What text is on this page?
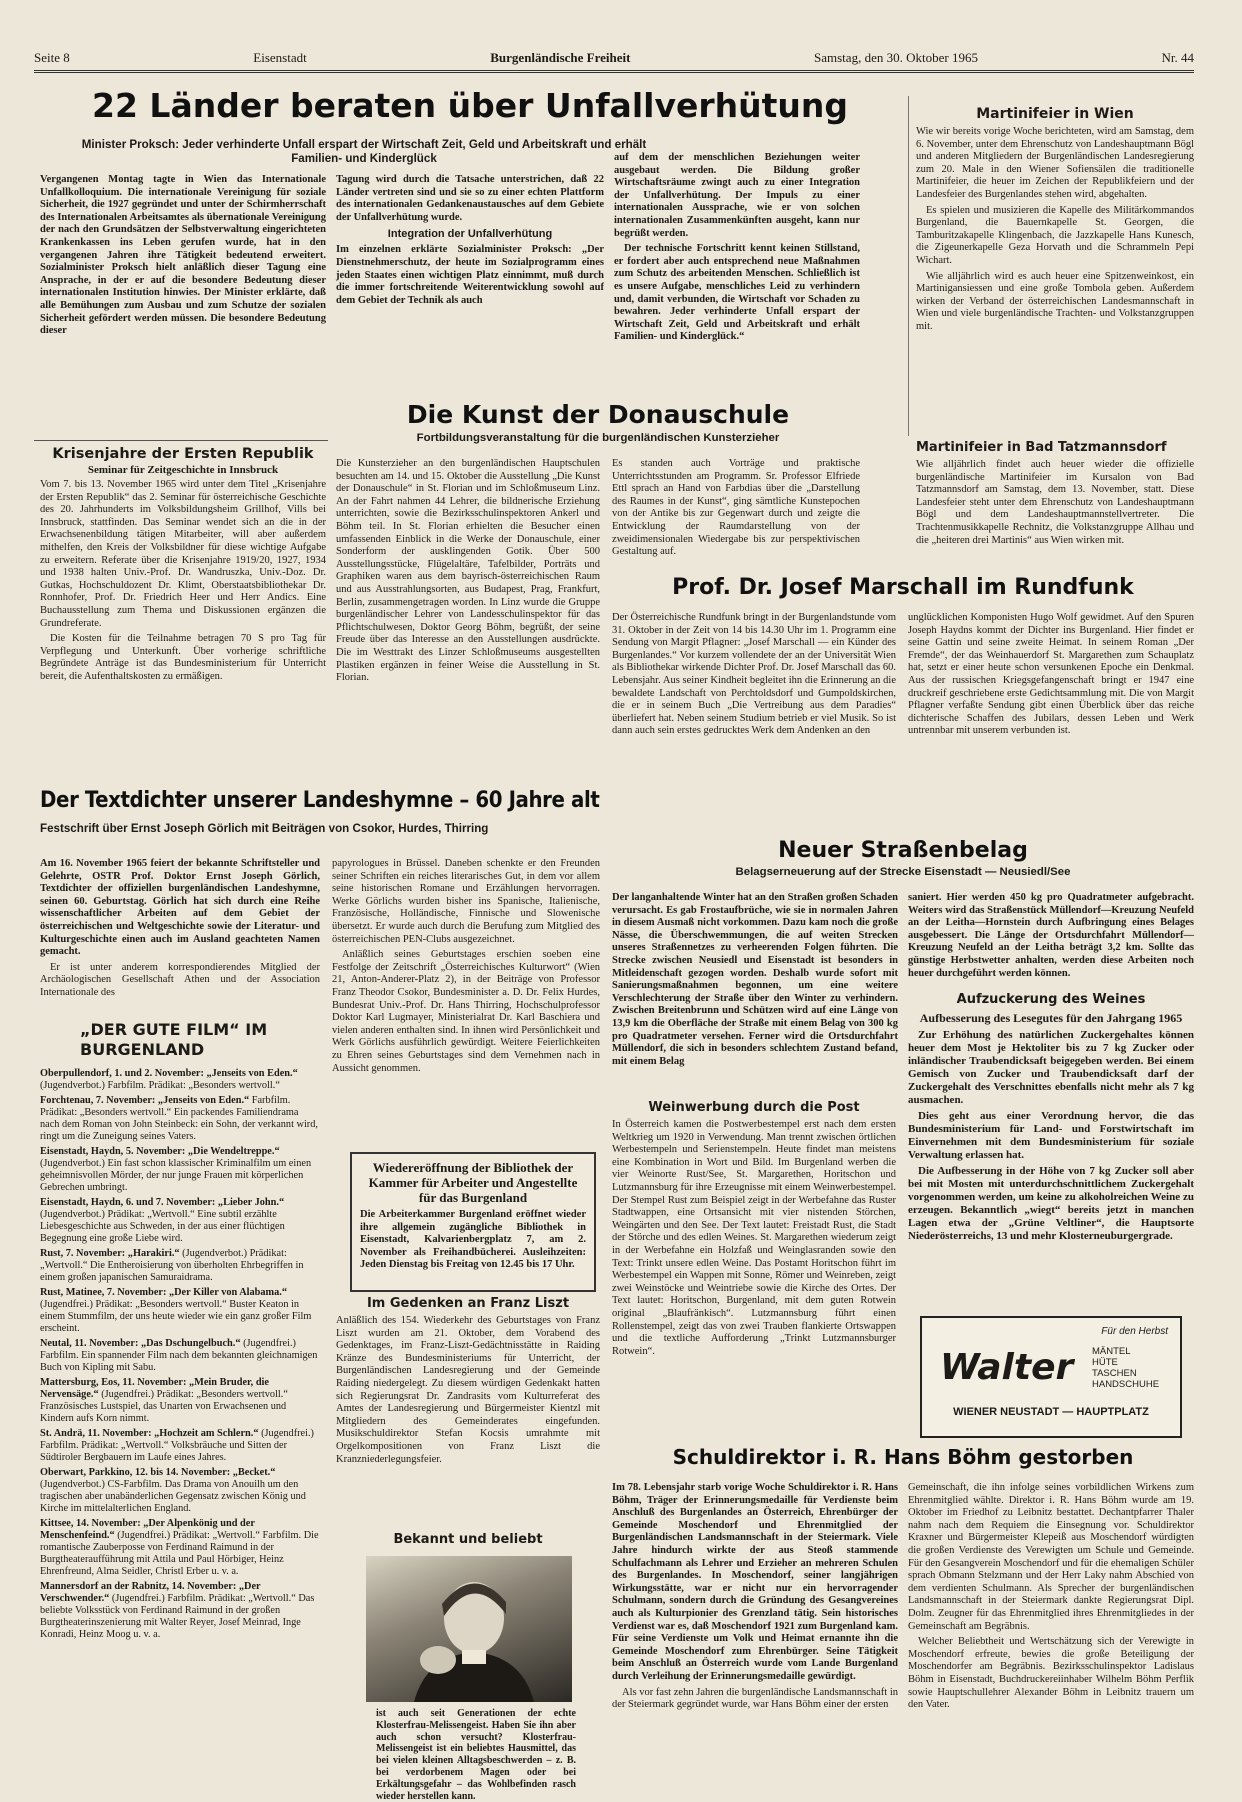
Seite 8	Eisenstadt	Burgenländische Freiheit	Samstag, den 30. Oktober 1965	Nr. 44
22 Länder beraten über Unfallverhütung
Minister Proksch: Jeder verhinderte Unfall erspart der Wirtschaft Zeit, Geld und Arbeitskraft und erhält Familien- und Kinderglück

Vergangenen Montag tagte in Wien das Internationale Unfallkolloquium. Die internationale Vereinigung für soziale Sicherheit, die 1927 gegründet und unter der Schirmherrschaft des Internationalen Arbeitsamtes als übernationale Vereinigung der nach den Grundsätzen der Selbstverwaltung eingerichteten Krankenkassen ins Leben gerufen wurde, hat in den vergangenen Jahren ihre Tätigkeit bedeutend erweitert. Sozialminister Proksch hielt anläßlich dieser Tagung eine Ansprache, in der er auf die besondere Bedeutung dieser internationalen Institution hinwies. Der Minister erklärte, daß alle Bemühungen zum Ausbau und zum Schutze der sozialen Sicherheit gefördert werden müssen. Die besondere Bedeutung dieser

Tagung wird durch die Tatsache unterstrichen, daß 22 Länder vertreten sind und sie so zu einer echten Plattform des internationalen Gedankenaustausches auf dem Gebiete der Unfallverhütung wurde.

Integration der Unfallverhütung

Im einzelnen erklärte Sozialminister Proksch: „Der Dienstnehmerschutz, der heute im Sozialprogramm eines jeden Staates einen wichtigen Platz einnimmt, muß durch die immer fortschreitende Weiterentwicklung sowohl auf dem Gebiet der Technik als auch

auf dem der menschlichen Beziehungen weiter ausgebaut werden. Die Bildung großer Wirtschaftsräume zwingt auch zu einer Integration der Unfallverhütung. Der Impuls zu einer internationalen Aussprache, wie er von solchen internationalen Zusammenkünften ausgeht, kann nur begrüßt werden.

Der technische Fortschritt kennt keinen Stillstand, er fordert aber auch entsprechend neue Maßnahmen zum Schutz des arbeitenden Menschen. Schließlich ist es unsere Aufgabe, menschliches Leid zu verhindern und, damit verbunden, die Wirtschaft vor Schaden zu bewahren. Jeder verhinderte Unfall erspart der Wirtschaft Zeit, Geld und Arbeitskraft und erhält Familien- und Kinderglück.“

Martinifeier in Wien

Wie wir bereits vorige Woche berichteten, wird am Samstag, dem 6. November, unter dem Ehrenschutz von Landeshauptmann Bögl und anderen Mitgliedern der Burgenländischen Landesregierung zum 20. Male in den Wiener Sofiensälen die traditionelle Martinifeier, die heuer im Zeichen der Republikfeiern und der Landesfeier des Burgenlandes stehen wird, abgehalten.

Es spielen und musizieren die Kapelle des Militärkommandos Burgenland, die Bauernkapelle St. Georgen, die Tamburitzakapelle Klingenbach, die Jazzkapelle Hans Kunesch, die Zigeunerkapelle Geza Horvath und die Schrammeln Pepi Wichart.

Wie alljährlich wird es auch heuer eine Spitzenweinkost, ein Martinigansiessen und eine große Tombola geben. Außerdem wirken der Verband der österreichischen Landesmannschaft in Wien und viele burgenländische Trachten- und Volkstanzgruppen mit.

Krisenjahre der Ersten Republik
Seminar für Zeitgeschichte in Innsbruck

Vom 7. bis 13. November 1965 wird unter dem Titel „Krisenjahre der Ersten Republik“ das 2. Seminar für österreichische Geschichte des 20. Jahrhunderts im Volksbildungsheim Grillhof, Vills bei Innsbruck, stattfinden. Das Seminar wendet sich an die in der Erwachsenenbildung tätigen Mitarbeiter, will aber außerdem mithelfen, den Kreis der Volksbildner für diese wichtige Aufgabe zu erweitern. Referate über die Krisenjahre 1919/20, 1927, 1934 und 1938 halten Univ.-Prof. Dr. Wandruszka, Univ.-Doz. Dr. Gutkas, Hochschuldozent Dr. Klimt, Oberstaatsbibliothekar Dr. Ronnhofer, Prof. Dr. Friedrich Heer und Herr Andics. Eine Buchausstellung zum Thema und Diskussionen ergänzen die Grundreferate.

Die Kosten für die Teilnahme betragen 70 S pro Tag für Verpflegung und Unterkunft. Über vorherige schriftliche Begründete Anträge ist das Bundesministerium für Unterricht bereit, die Aufenthaltskosten zu ermäßigen.

Die Kunst der Donauschule
Fortbildungsveranstaltung für die burgenländischen Kunsterzieher

Die Kunsterzieher an den burgenländischen Hauptschulen besuchten am 14. und 15. Oktober die Ausstellung „Die Kunst der Donauschule“ in St. Florian und im Schloßmuseum Linz. An der Fahrt nahmen 44 Lehrer, die bildnerische Erziehung unterrichten, sowie die Bezirksschulinspektoren Ankerl und Böhm teil. In St. Florian erhielten die Besucher einen umfassenden Einblick in die Werke der Donauschule, einer Sonderform der ausklingenden Gotik. Über 500 Ausstellungsstücke, Flügelaltäre, Tafelbilder, Porträts und Graphiken waren aus dem bayrisch-österreichischen Raum und aus Ausstrahlungsorten, aus Budapest, Prag, Frankfurt, Berlin, zusammengetragen worden. In Linz wurde die Gruppe burgenländischer Lehrer von Landesschulinspektor für das Pflichtschulwesen, Doktor Georg Böhm, begrüßt, der seine Freude über das Interesse an den Ausstellungen ausdrückte. Die im Westtrakt des Linzer Schloßmuseums ausgestellten Plastiken ergänzen in feiner Weise die Ausstellung in St. Florian.

Es standen auch Vorträge und praktische Unterrichtsstunden am Programm. Sr. Professor Elfriede Ettl sprach an Hand von Farbdias über die „Darstellung des Raumes in der Kunst“, ging sämtliche Kunstepochen von der Antike bis zur Gegenwart durch und zeigte die Entwicklung der Raumdarstellung von der zweidimensionalen Wiedergabe bis zur perspektivischen Gestaltung auf.

Martinifeier in Bad Tatzmannsdorf

Wie alljährlich findet auch heuer wieder die offizielle burgenländische Martinifeier im Kursalon von Bad Tatzmannsdorf am Samstag, dem 13. November, statt. Diese Landesfeier steht unter dem Ehrenschutz von Landeshauptmann Bögl und dem Landeshauptmannstellvertreter. Die Trachtenmusikkapelle Rechnitz, die Volkstanzgruppe Allhau und die „heiteren drei Martinis“ aus Wien wirken mit.

Prof. Dr. Josef Marschall im Rundfunk

Der Österreichische Rundfunk bringt in der Burgenlandstunde vom 31. Oktober in der Zeit von 14 bis 14.30 Uhr im 1. Programm eine Sendung von Margit Pflagner: „Josef Marschall — ein Künder des Burgenlandes.“ Vor kurzem vollendete der an der Universität Wien als Bibliothekar wirkende Dichter Prof. Dr. Josef Marschall das 60. Lebensjahr. Aus seiner Kindheit begleitet ihn die Erinnerung an die bewaldete Landschaft von Perchtoldsdorf und Gumpoldskirchen, die er in seinem Buch „Die Vertreibung aus dem Paradies“ überliefert hat. Neben seinem Studium betrieb er viel Musik. So ist dann auch sein erstes gedrucktes Werk dem Andenken an den

unglücklichen Komponisten Hugo Wolf gewidmet. Auf den Spuren Joseph Haydns kommt der Dichter ins Burgenland. Hier findet er seine Gattin und seine zweite Heimat. In seinem Roman „Der Fremde“, der das Weinhauerdorf St. Margarethen zum Schauplatz hat, setzt er einer heute schon versunkenen Epoche ein Denkmal. Aus der russischen Kriegsgefangenschaft bringt er 1947 eine druckreif geschriebene erste Gedichtsammlung mit. Die von Margit Pflagner verfaßte Sendung gibt einen Überblick über das reiche dichterische Schaffen des Jubilars, dessen Leben und Werk untrennbar mit unserem verbunden ist.

Der Textdichter unserer Landeshymne – 60 Jahre alt
Festschrift über Ernst Joseph Görlich mit Beiträgen von Csokor, Hurdes, Thirring

Am 16. November 1965 feiert der bekannte Schriftsteller und Gelehrte, OSTR Prof. Doktor Ernst Joseph Görlich, Textdichter der offiziellen burgenländischen Landeshymne, seinen 60. Geburtstag. Görlich hat sich durch eine Reihe wissenschaftlicher Arbeiten auf dem Gebiet der österreichischen und Weltgeschichte sowie der Literatur- und Kulturgeschichte einen auch im Ausland geachteten Namen gemacht.

Er ist unter anderem korrespondierendes Mitglied der Archäologischen Gesellschaft Athen und der Association Internationale des

papyrologues in Brüssel. Daneben schenkte er den Freunden seiner Schriften ein reiches literarisches Gut, in dem vor allem seine historischen Romane und Erzählungen hervorragen. Werke Görlichs wurden bisher ins Spanische, Italienische, Französische, Holländische, Finnische und Slowenische übersetzt. Er wurde auch durch die Berufung zum Mitglied des österreichischen PEN-Clubs ausgezeichnet.

Anläßlich seines Geburtstages erschien soeben eine Festfolge der Zeitschrift „Österreichisches Kulturwort“ (Wien 21, Anton-Anderer-Platz 2), in der Beiträge von Professor Franz Theodor Csokor, Bundesminister a. D. Dr. Felix Hurdes, Bundesrat Univ.-Prof. Dr. Hans Thirring, Hochschulprofessor Doktor Karl Lugmayer, Ministerialrat Dr. Karl Baschiera und vielen anderen enthalten sind. In ihnen wird Persönlichkeit und Werk Görlichs ausführlich gewürdigt. Weitere Feierlichkeiten zu Ehren seines Geburtstages sind dem Vernehmen nach in Aussicht genommen.

„DER GUTE FILM“ IM BURGENLAND

Oberpullendorf, 1. und 2. November: „Jenseits von Eden.“ (Jugendverbot.) Farbfilm. Prädikat: „Besonders wertvoll.“

Forchtenau, 7. November: „Jenseits von Eden.“ Farbfilm. Prädikat: „Besonders wertvoll.“ Ein packendes Familiendrama nach dem Roman von John Steinbeck: ein Sohn, der verkannt wird, ringt um die Zuneigung seines Vaters.

Eisenstadt, Haydn, 5. November: „Die Wendeltreppe.“ (Jugendverbot.) Ein fast schon klassischer Kriminalfilm um einen geheimnisvollen Mörder, der nur junge Frauen mit körperlichen Gebrechen umbringt.

Eisenstadt, Haydn, 6. und 7. November: „Lieber John.“ (Jugendverbot.) Prädikat: „Wertvoll.“ Eine subtil erzählte Liebesgeschichte aus Schweden, in der aus einer flüchtigen Begegnung eine große Liebe wird.

Rust, 7. November: „Harakiri.“ (Jugendverbot.) Prädikat: „Wertvoll.“ Die Entheroisierung von überholten Ehrbegriffen in einem großen japanischen Samuraidrama.

Rust, Matinee, 7. November: „Der Killer von Alabama.“ (Jugendfrei.) Prädikat: „Besonders wertvoll.“ Buster Keaton in einem Stummfilm, der uns heute wieder wie ein ganz großer Film erscheint.

Neutal, 11. November: „Das Dschungelbuch.“ (Jugendfrei.) Farbfilm. Ein spannender Film nach dem bekannten gleichnamigen Buch von Kipling mit Sabu.

Mattersburg, Eos, 11. November: „Mein Bruder, die Nervensäge.“ (Jugendfrei.) Prädikat: „Besonders wertvoll.“ Französisches Lustspiel, das Unarten von Erwachsenen und Kindern aufs Korn nimmt.

St. Andrä, 11. November: „Hochzeit am Schlern.“ (Jugendfrei.) Farbfilm. Prädikat: „Wertvoll.“ Volksbräuche und Sitten der Südtiroler Bergbauern im Laufe eines Jahres.

Oberwart, Parkkino, 12. bis 14. November: „Becket.“ (Jugendverbot.) CS-Farbfilm. Das Drama von Anouilh um den tragischen aber unabänderlichen Gegensatz zwischen König und Kirche im mittelalterlichen England.

Kittsee, 14. November: „Der Alpenkönig und der Menschenfeind.“ (Jugendfrei.) Prädikat: „Wertvoll.“ Farbfilm. Die romantische Zauberposse von Ferdinand Raimund in der Burgtheateraufführung mit Attila und Paul Hörbiger, Heinz Ehrenfreund, Alma Seidler, Christl Erber u. v. a.

Mannersdorf an der Rabnitz, 14. November: „Der Verschwender.“ (Jugendfrei.) Farbfilm. Prädikat: „Wertvoll.“ Das beliebte Volksstück von Ferdinand Raimund in der großen Burgtheaterinszenierung mit Walter Reyer, Josef Meinrad, Inge Konradi, Heinz Moog u. v. a.

Wiedereröffnung der Bibliothek der Kammer für Arbeiter und Angestellte für das Burgenland

Die Arbeiterkammer Burgenland eröffnet wieder ihre allgemein zugängliche Bibliothek in Eisenstadt, Kalvarienbergplatz 7, am 2. November als Freihandbücherei. Ausleihzeiten: Jeden Dienstag bis Freitag von 12.45 bis 17 Uhr.

Im Gedenken an Franz Liszt

Anläßlich des 154. Wiederkehr des Geburtstages von Franz Liszt wurden am 21. Oktober, dem Vorabend des Gedenktages, im Franz-Liszt-Gedächtnisstätte in Raiding Kränze des Bundesministeriums für Unterricht, der Burgenländischen Landesregierung und der Gemeinde Raiding niedergelegt. Zu diesem würdigen Gedenkakt hatten sich Regierungsrat Dr. Zandrasits vom Kulturreferat des Amtes der Landesregierung und Bürgermeister Kientzl mit Mitgliedern des Gemeinderates eingefunden. Musikschuldirektor Stefan Kocsis umrahmte mit Orgelkompositionen von Franz Liszt die Kranzniederlegungsfeier.

Bekannt und beliebt

ist auch seit Generationen der echte Klosterfrau-Melissengeist. Haben Sie ihn aber auch schon versucht? Klosterfrau-Melissengeist ist ein beliebtes Hausmittel, das bei vielen kleinen Alltagsbeschwerden – z. B. bei verdorbenem Magen oder bei Erkältungsgefahr – das Wohlbefinden rasch wieder herstellen kann.

Neuer Straßenbelag
Belagserneuerung auf der Strecke Eisenstadt — Neusiedl/See

Der langanhaltende Winter hat an den Straßen großen Schaden verursacht. Es gab Frostaufbrüche, wie sie in normalen Jahren in diesem Ausmaß nicht vorkommen. Dazu kam noch die große Nässe, die Überschwemmungen, die auf weiten Strecken unseres Straßennetzes zu verheerenden Folgen führten. Die Strecke zwischen Neusiedl und Eisenstadt ist besonders in Mitleidenschaft gezogen worden. Deshalb wurde sofort mit Sanierungsmaßnahmen begonnen, um eine weitere Verschlechterung der Straße über den Winter zu verhindern. Zwischen Breitenbrunn und Schützen wird auf eine Länge von 13,9 km die Oberfläche der Straße mit einem Belag von 300 kg pro Quadratmeter versehen. Ferner wird die Ortsdurchfahrt Müllendorf, die sich in besonders schlechtem Zustand befand, mit einem Belag

saniert. Hier werden 450 kg pro Quadratmeter aufgebracht. Weiters wird das Straßenstück Müllendorf—Kreuzung Neufeld an der Leitha—Hornstein durch Aufbringung eines Belages ausgebessert. Die Länge der Ortsdurchfahrt Müllendorf—Kreuzung Neufeld an der Leitha beträgt 3,2 km. Sollte das günstige Herbstwetter anhalten, werden diese Arbeiten noch heuer durchgeführt werden können.

Weinwerbung durch die Post

In Österreich kamen die Postwerbestempel erst nach dem ersten Weltkrieg um 1920 in Verwendung. Man trennt zwischen örtlichen Werbestempeln und Serienstempeln. Heute findet man meistens eine Kombination in Wort und Bild. Im Burgenland werben die vier Weinorte Rust/See, St. Margarethen, Horitschon und Lutzmannsburg für ihre Erzeugnisse mit einem Weinwerbestempel. Der Stempel Rust zum Beispiel zeigt in der Werbefahne das Ruster Stadtwappen, eine Ortsansicht mit vier nistenden Störchen, Weingärten und den See. Der Text lautet: Freistadt Rust, die Stadt der Störche und des edlen Weines. St. Margarethen wiederum zeigt in der Werbefahne ein Holzfaß und Weinglasranden sowie den Text: Trinkt unsere edlen Weine. Das Postamt Horitschon führt im Werbestempel ein Wappen mit Sonne, Römer und Weinreben, zeigt zwei Weinstöcke und Weintriebe sowie die Kirche des Ortes. Der Text lautet: Horitschon, Burgenland, mit dem guten Rotwein original „Blaufränkisch“. Lutzmannsburg führt einen Rollenstempel, zeigt das von zwei Trauben flankierte Ortswappen und die textliche Aufforderung „Trinkt Lutzmannsburger Rotwein“.

Aufzuckerung des Weines
Aufbesserung des Lesegutes für den Jahrgang 1965

Zur Erhöhung des natürlichen Zuckergehaltes können heuer dem Most je Hektoliter bis zu 7 kg Zucker oder inländischer Traubendicksaft beigegeben werden. Bei einem Gemisch von Zucker und Traubendicksaft darf der Zuckergehalt des Verschnittes ebenfalls nicht mehr als 7 kg ausmachen.

Dies geht aus einer Verordnung hervor, die das Bundesministerium für Land- und Forstwirtschaft im Einvernehmen mit dem Bundesministerium für soziale Verwaltung erlassen hat.

Die Aufbesserung in der Höhe von 7 kg Zucker soll aber bei mit Mosten mit unterdurchschnittlichem Zuckergehalt vorgenommen werden, um keine zu alkoholreichen Weine zu erzeugen. Bekanntlich „wiegt“ bereits jetzt in manchen Lagen etwa der „Grüne Veltliner“, die Hauptsorte Niederösterreichs, 13 und mehr Klosterneuburgergrade.

Für den Herbst
Walter MÄNTEL
HÜTE
TASCHEN
HANDSCHUHE
WIENER NEUSTADT — HAUPTPLATZ
Schuldirektor i. R. Hans Böhm gestorben

Im 78. Lebensjahr starb vorige Woche Schuldirektor i. R. Hans Böhm, Träger der Erinnerungsmedaille für Verdienste beim Anschluß des Burgenlandes an Österreich, Ehrenbürger der Gemeinde Moschendorf und Ehrenmitglied der Burgenländischen Landsmannschaft in der Steiermark. Viele Jahre hindurch wirkte der aus Steoß stammende Schulfachmann als Lehrer und Erzieher an mehreren Schulen des Burgenlandes. In Moschendorf, seiner langjährigen Wirkungsstätte, war er nicht nur ein hervorragender Schulmann, sondern durch die Gründung des Gesangvereines auch als Kulturpionier des Grenzland tätig. Sein historisches Verdienst war es, daß Moschendorf 1921 zum Burgenland kam. Für seine Verdienste um Volk und Heimat ernannte ihn die Gemeinde Moschendorf zum Ehrenbürger. Seine Tätigkeit beim Anschluß an Österreich wurde vom Lande Burgenland durch Verleihung der Erinnerungsmedaille gewürdigt.

Als vor fast zehn Jahren die burgenländische Landsmannschaft in der Steiermark gegründet wurde, war Hans Böhm einer der ersten

Gemeinschaft, die ihn infolge seines vorbildlichen Wirkens zum Ehrenmitglied wählte. Direktor i. R. Hans Böhm wurde am 19. Oktober im Friedhof zu Leibnitz bestattet. Dechantpfarrer Thaler nahm nach dem Requiem die Einsegnung vor. Schuldirektor Kraxner und Bürgermeister Klepeiß aus Moschendorf würdigten die großen Verdienste des Verewigten um Schule und Gemeinde. Für den Gesangverein Moschendorf und für die ehemaligen Schüler sprach Obmann Stelzmann und der Herr Laky nahm Abschied von dem verdienten Schulmann. Als Sprecher der burgenländischen Landsmannschaft in der Steiermark dankte Regierungsrat Dipl. Dolm. Zeugner für das Ehrenmitglied ihres Ehrenmitgliedes in der Gemeinschaft am Begräbnis.

Welcher Beliebtheit und Wertschätzung sich der Verewigte in Moschendorf erfreute, bewies die große Beteiligung der Moschendorfer am Begräbnis. Bezirksschulinspektor Ladislaus Böhm in Eisenstadt, Buchdruckereiinhaber Wilhelm Böhm Perflik sowie Hauptschullehrer Alexander Böhm in Leibnitz trauern um den Vater.
